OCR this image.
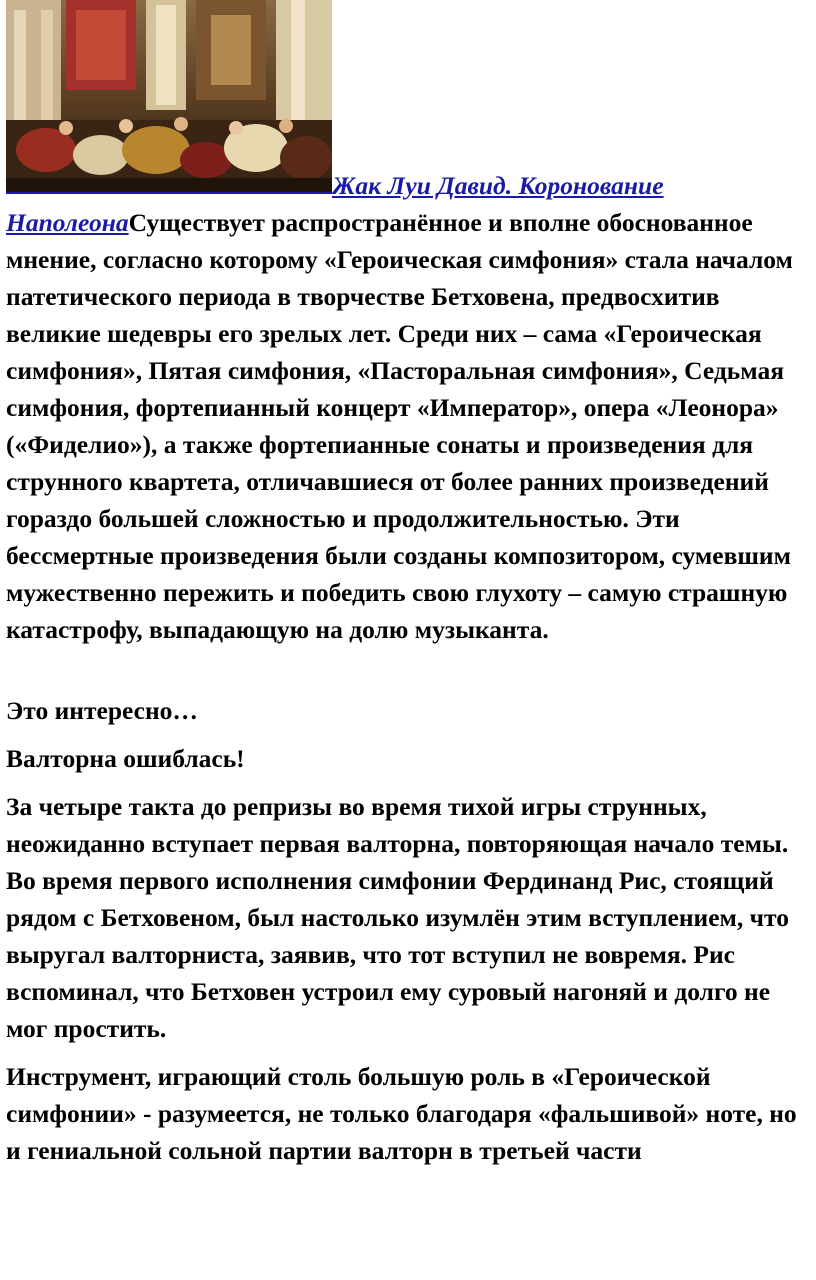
Жак Луи Давид. Коронование
НаполеонаСуществует распространённое и вполне обоснованное мнение, согласно которому «Героическая симфония» стала началом патетического периода в творчестве Бетховена, предвосхитив великие шедевры его зрелых лет. Среди них – сама «Героическая симфония», Пятая симфония, «Пасторальная симфония», Седьмая симфония, фортепианный концерт «Император», опера «Леонора» («Фиделио»), а также фортепианные сонаты и произведения для струнного квартета, отличавшиеся от более ранних произведений гораздо большей сложностью и продолжительностью. Эти бессмертные произведения были созданы композитором, сумевшим мужественно пережить и победить свою глухоту – самую страшную катастрофу, выпадающую на долю музыканта.

Это интересно…

Валторна ошиблась!

За четыре такта до репризы во время тихой игры струнных, неожиданно вступает первая валторна, повторяющая начало темы. Во время первого исполнения симфонии Фердинанд Рис, стоящий рядом с Бетховеном, был настолько изумлён этим вступлением, что выругал валторниста, заявив, что тот вступил не вовремя. Рис вспоминал, что Бетховен устроил ему суровый нагоняй и долго не мог простить.

Инструмент, играющий столь большую роль в «Героической симфонии» - разумеется, не только благодаря «фальшивой» ноте, но и гениальной сольной партии валторн в третьей части
